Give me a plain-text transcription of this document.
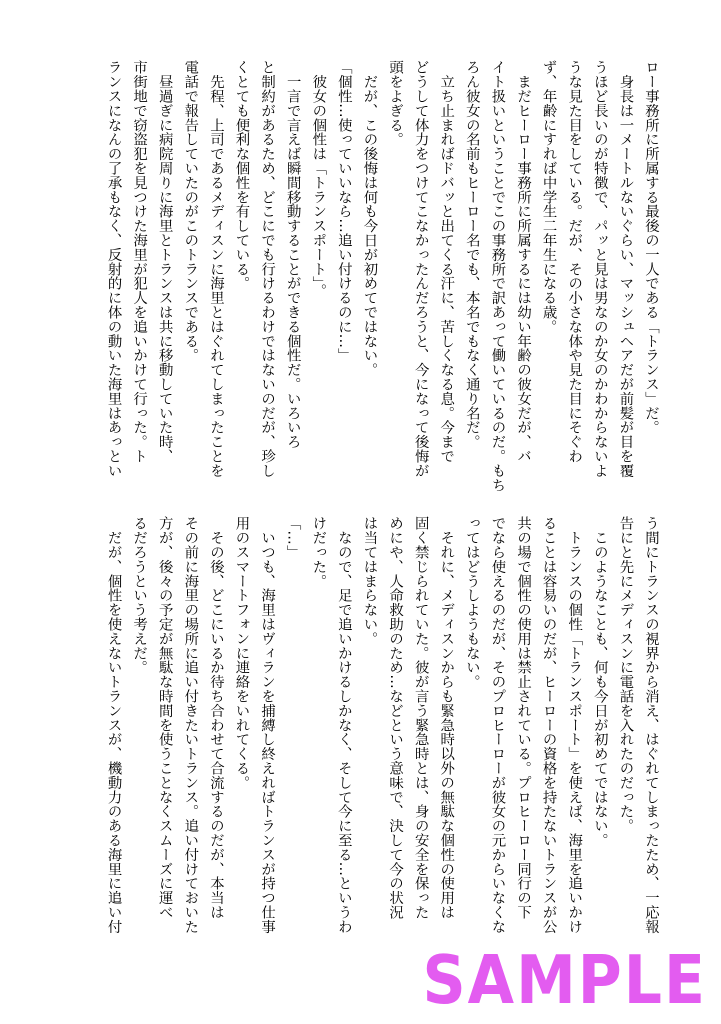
ロー事務所に所属する最後の一人である「トランス」だ。
　身長は一メートルないぐらい、マッシュヘアだが前髪が目を覆
うほど長いのが特徴で、パッと見は男なのか女のかわからないよ
うな見た目をしている。だが、その小さな体や見た目にそぐわ
ず、年齢にすれば中学生二年生になる歳。
　まだヒーロー事務所に所属するには幼い年齢の彼女だが、バ
イト扱いということでこの事務所で訳あって働いているのだ。もち
ろん彼女の名前もヒーロー名でも、本名でもなく通り名だ。
　立ち止まればドバッと出てくる汗に、苦しくなる息。今まで
どうして体力をつけてこなかったんだろうと、今になって後悔が
頭をよぎる。
　だが、この後悔は何も今日が初めてではない。
「個性…使っていいなら…追い付けるのに…」
　彼女の個性は「トランスポート」。
　一言で言えば瞬間移動することができる個性だ。いろいろ
と制約があるため、どこにでも行けるわけではないのだが、珍し
くとても便利な個性を有している。
　先程、上司であるメディスンに海里とはぐれてしまったことを
電話で報告していたのがこのトランスである。
　昼過ぎに病院周りに海里とトランスは共に移動していた時、
市街地で窃盗犯を見つけた海里が犯人を追いかけて行った。ト
ランスになんの了承もなく、反射的に体の動いた海里はあっとい
う間にトランスの視界から消え、はぐれてしまったため、一応報
告にと先にメディスンに電話を入れたのだった。
　このようなことも、何も今日が初めてではない。
　トランスの個性「トランスポート」を使えば、海里を追いかけ
ることは容易いのだが、ヒーローの資格を持たないトランスが公
共の場で個性の使用は禁止されている。プロヒーロー同行の下
でなら使えるのだが、そのプロヒーローが彼女の元からいなくな
ってはどうしようもない。
　それに、メディスンからも緊急時以外の無駄な個性の使用は
固く禁じられていた。彼が言う緊急時とは、身の安全を保った
めにや、人命救助のため…などという意味で、決して今の状況
は当てはまらない。
　なので、足で追いかけるしかなく、そして今に至る…というわ
けだった。
「…」
　いつも、海里はヴィランを捕縛し終えればトランスが持つ仕事
用のスマートフォンに連絡をいれてくる。
　その後、どこにいるか待ち合わせて合流するのだが、本当は
その前に海里の場所に追い付きたいトランス。追い付けておいた
方が、後々の予定が無駄な時間を使うことなくスムーズに運べ
るだろうという考えだ。
　だが、個性を使えないトランスが、機動力のある海里に追い付
SAMPLE
